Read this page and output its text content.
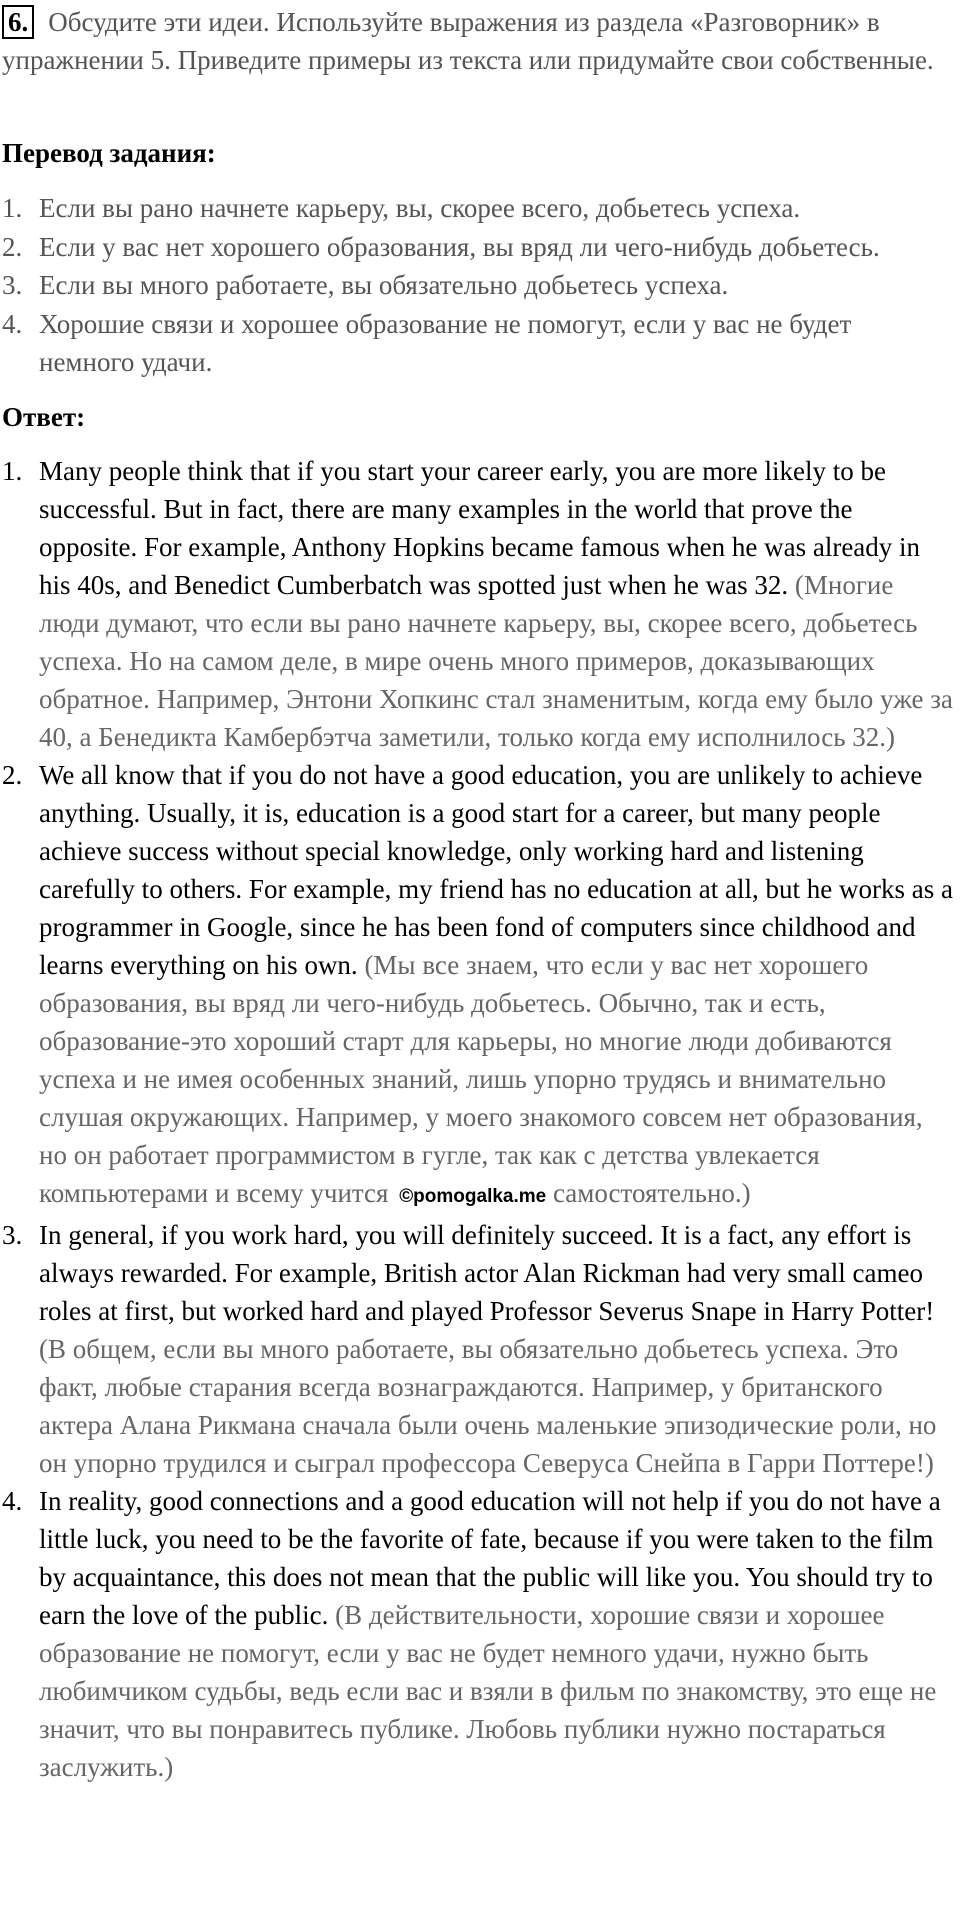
6. Обсудите эти идеи. Используйте выражения из раздела «Разговорник» в упражнении 5. Приведите примеры из текста или придумайте свои собственные.
Перевод задания:
1. Если вы рано начнете карьеру, вы, скорее всего, добьетесь успеха.
2. Если у вас нет хорошего образования, вы вряд ли чего-нибудь добьетесь.
3. Если вы много работаете, вы обязательно добьетесь успеха.
4. Хорошие связи и хорошее образование не помогут, если у вас не будет немного удачи.
Ответ:
1. Many people think that if you start your career early, you are more likely to be successful. But in fact, there are many examples in the world that prove the opposite. For example, Anthony Hopkins became famous when he was already in his 40s, and Benedict Cumberbatch was spotted just when he was 32. (Многие люди думают, что если вы рано начнете карьеру, вы, скорее всего, добьетесь успеха. Но на самом деле, в мире очень много примеров, доказывающих обратное. Например, Энтони Хопкинс стал знаменитым, когда ему было уже за 40, а Бенедикта Камбербэтча заметили, только когда ему исполнилось 32.)
2. We all know that if you do not have a good education, you are unlikely to achieve anything. Usually, it is, education is a good start for a career, but many people achieve success without special knowledge, only working hard and listening carefully to others. For example, my friend has no education at all, but he works as a programmer in Google, since he has been fond of computers since childhood and learns everything on his own. (Мы все знаем, что если у вас нет хорошего образования, вы вряд ли чего-нибудь добьетесь. Обычно, так и есть, образование-это хороший старт для карьеры, но многие люди добиваются успеха и не имея особенных знаний, лишь упорно трудясь и внимательно слушая окружающих. Например, у моего знакомого совсем нет образования, но он работает программистом в гугле, так как с детства увлекается компьютерами и всему учится ©pomogalka.me самостоятельно.)
3. In general, if you work hard, you will definitely succeed. It is a fact, any effort is always rewarded. For example, British actor Alan Rickman had very small cameo roles at first, but worked hard and played Professor Severus Snape in Harry Potter! (В общем, если вы много работаете, вы обязательно добьетесь успеха. Это факт, любые старания всегда вознаграждаются. Например, у британского актера Алана Рикмана сначала были очень маленькие эпизодические роли, но он упорно трудился и сыграл профессора Северуса Снейпа в Гарри Поттере!)
4. In reality, good connections and a good education will not help if you do not have a little luck, you need to be the favorite of fate, because if you were taken to the film by acquaintance, this does not mean that the public will like you. You should try to earn the love of the public. (В действительности, хорошие связи и хорошее образование не помогут, если у вас не будет немного удачи, нужно быть любимчиком судьбы, ведь если вас и взяли в фильм по знакомству, это еще не значит, что вы понравитесь публике. Любовь публики нужно постараться заслужить.)
